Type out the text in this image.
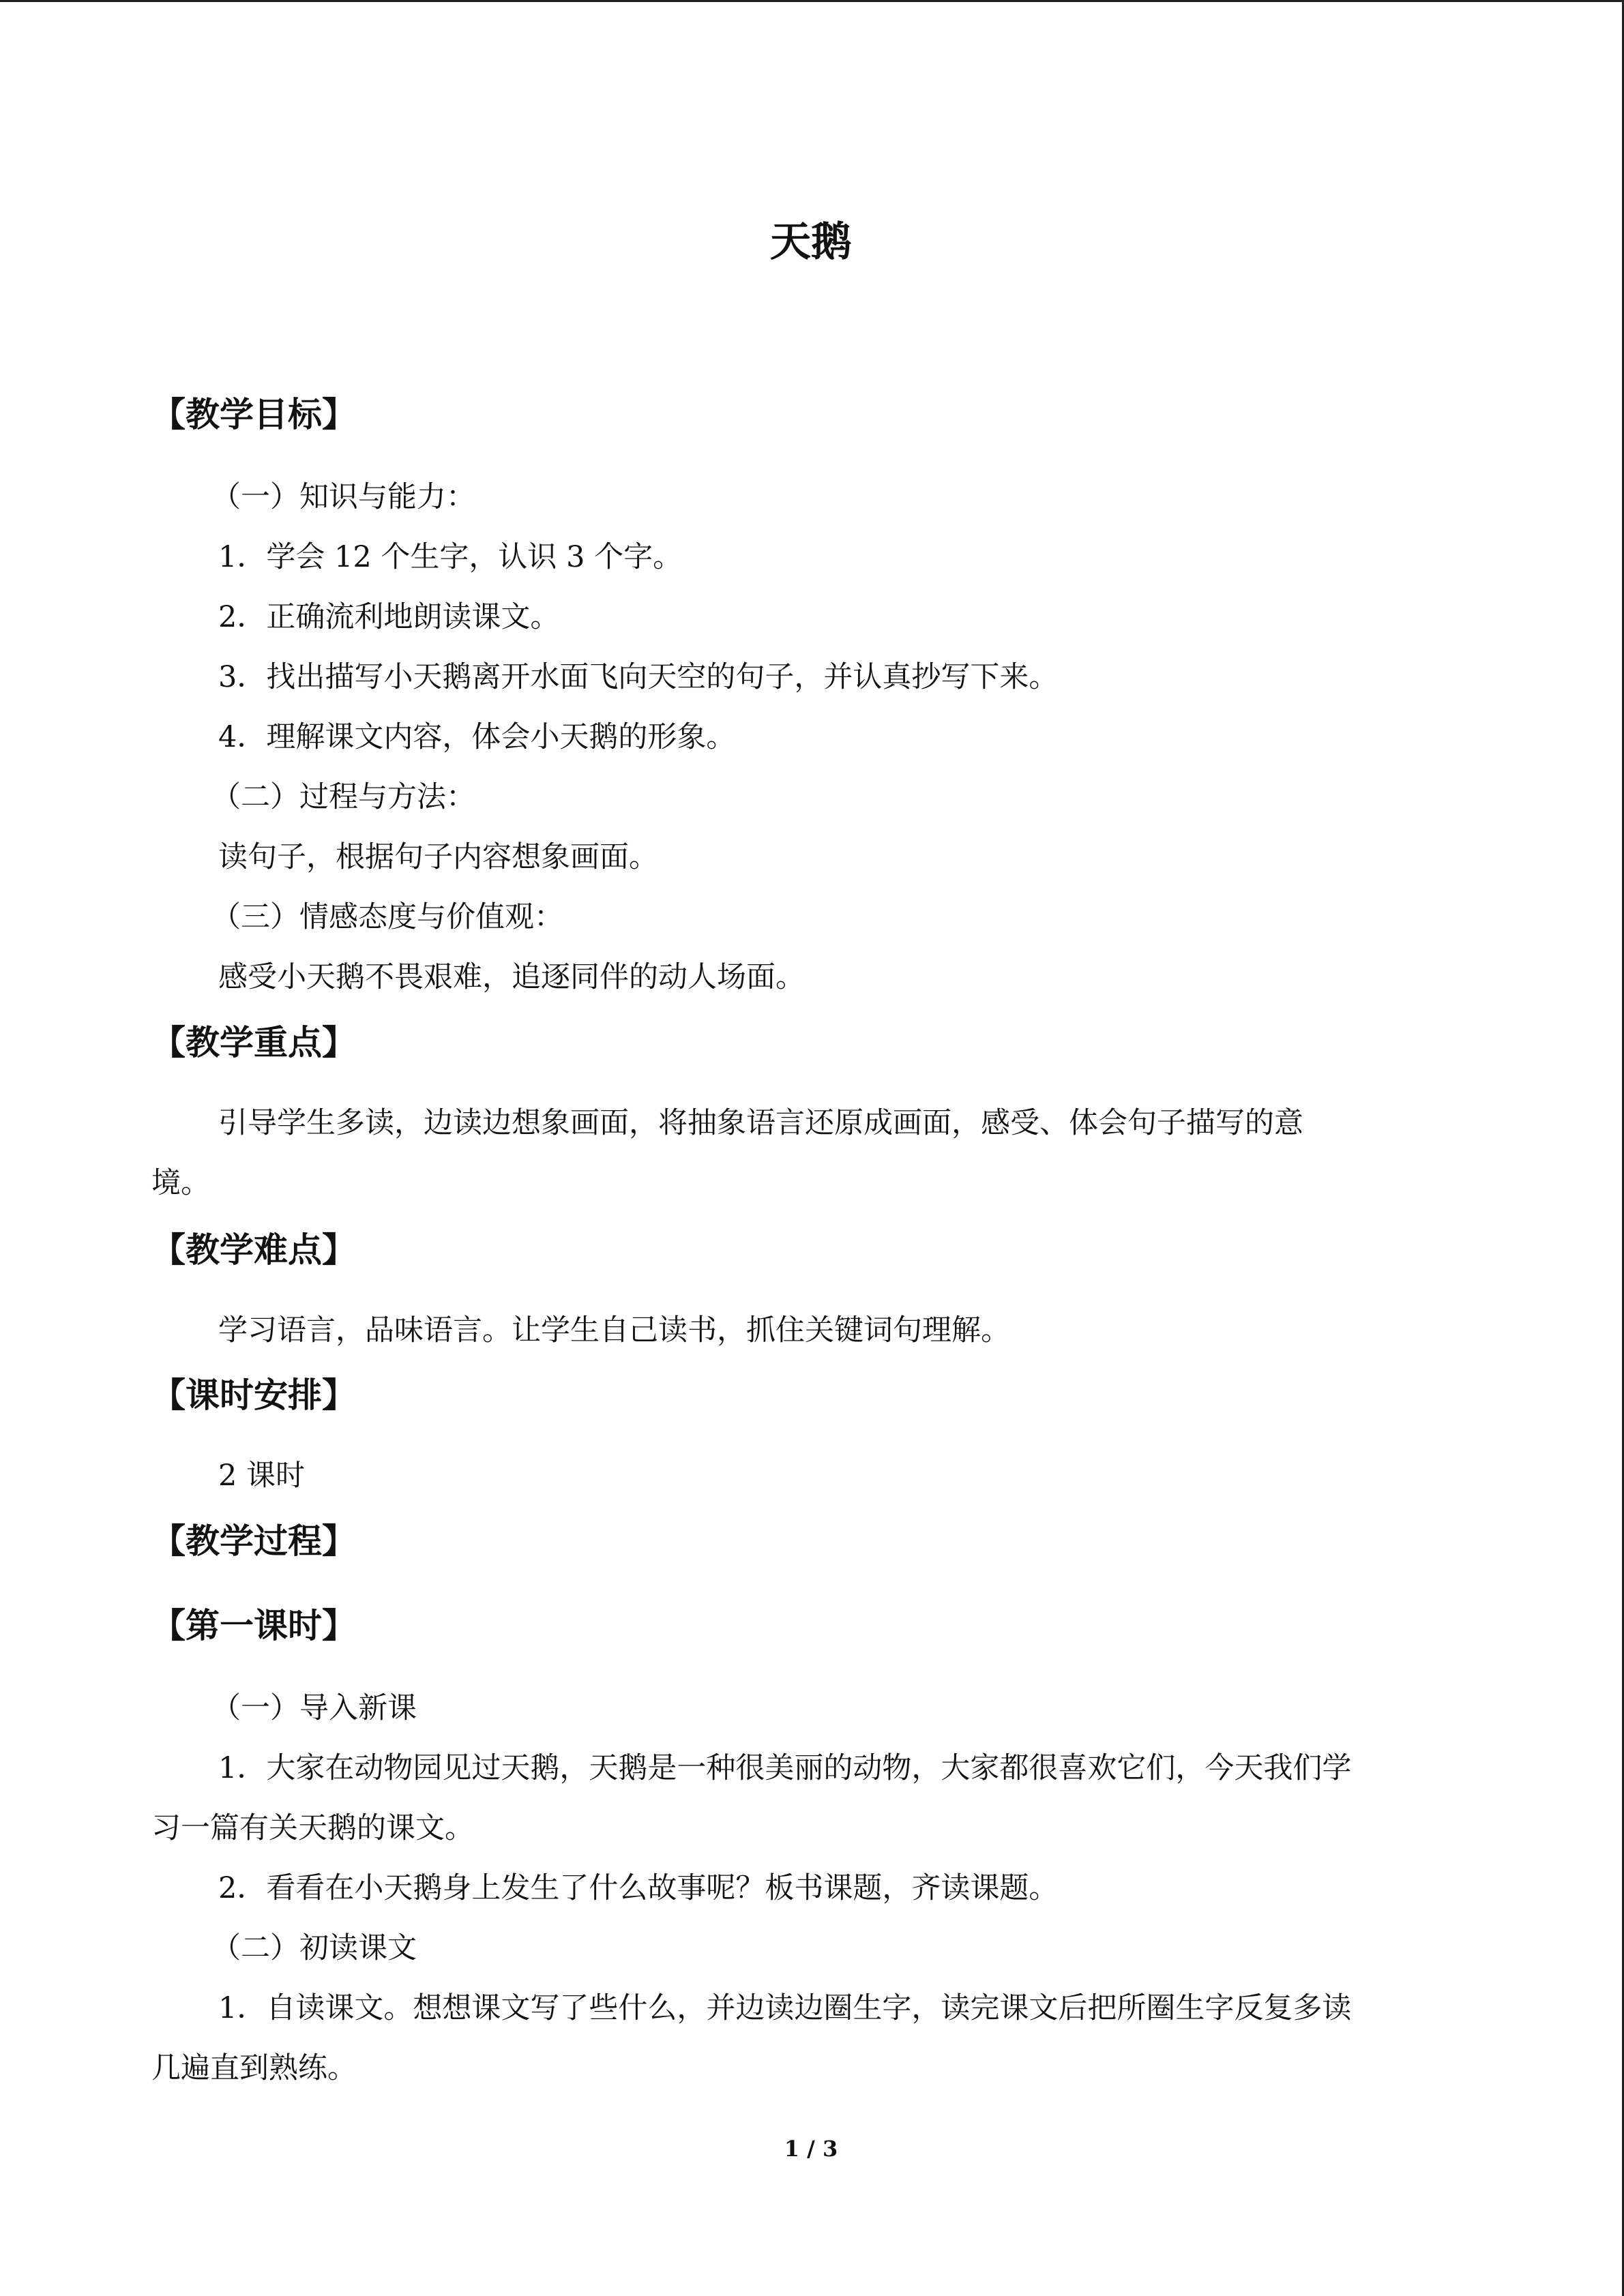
天鹅
【教学目标】
（一）知识与能力：
1．学会 12 个生字，认识 3 个字。
2．正确流利地朗读课文。
3．找出描写小天鹅离开水面飞向天空的句子，并认真抄写下来。
4．理解课文内容，体会小天鹅的形象。
（二）过程与方法：
读句子，根据句子内容想象画面。
（三）情感态度与价值观：
感受小天鹅不畏艰难，追逐同伴的动人场面。
【教学重点】
引导学生多读，边读边想象画面，将抽象语言还原成画面，感受、体会句子描写的意
境。
【教学难点】
学习语言，品味语言。让学生自己读书，抓住关键词句理解。
【课时安排】
2 课时
【教学过程】
【第一课时】
（一）导入新课
1．大家在动物园见过天鹅，天鹅是一种很美丽的动物，大家都很喜欢它们，今天我们学
习一篇有关天鹅的课文。
2．看看在小天鹅身上发生了什么故事呢？板书课题，齐读课题。
（二）初读课文
1．自读课文。想想课文写了些什么，并边读边圈生字，读完课文后把所圈生字反复多读
几遍直到熟练。
1 / 3
